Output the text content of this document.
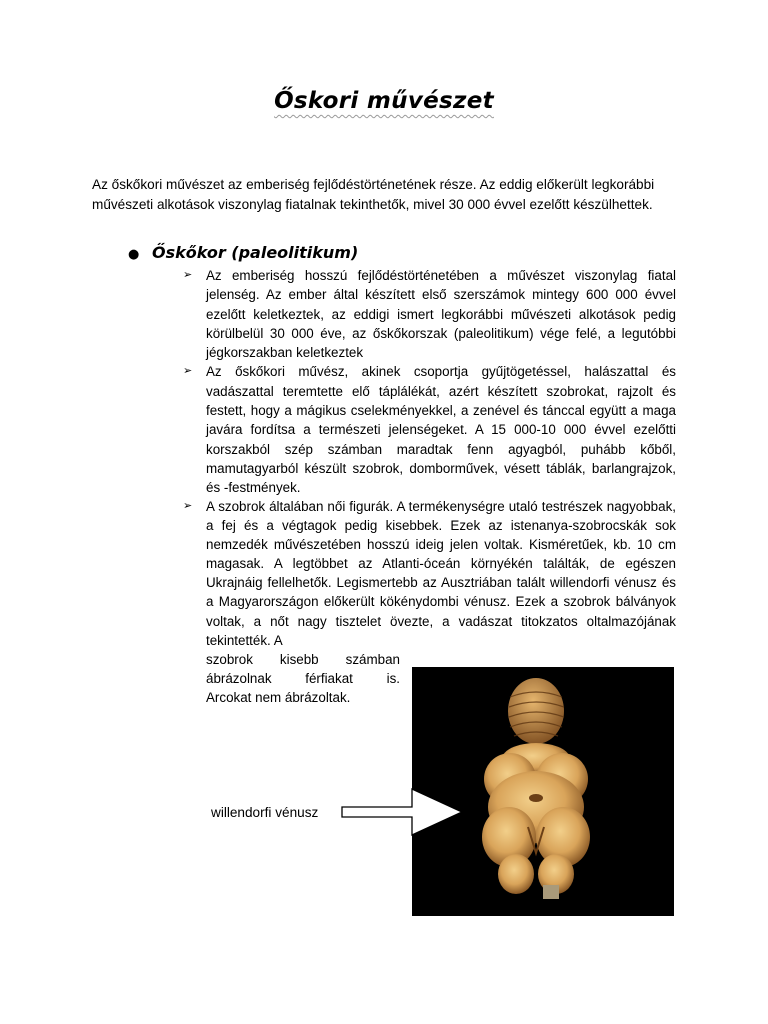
Őskori művészet

Az őskőkori művészet az emberiség fejlődéstörténetének része. Az eddig előkerült legkorábbi művészeti alkotások viszonylag fiatalnak tekinthetők, mivel 30 000 évvel ezelőtt készülhettek.

● Őskőkor (paleolitikum)
➢ Az emberiség hosszú fejlődéstörténetében a művészet viszonylag fiatal jelenség. Az ember által készített első szerszámok mintegy 600 000 évvel ezelőtt keletkeztek, az eddigi ismert legkorábbi művészeti alkotások pedig körülbelül 30 000 éve, az őskőkorszak (paleolitikum) vége felé, a legutóbbi jégkorszakban keletkeztek
➢ Az őskőkori művész, akinek csoportja gyűjtögetéssel, halászattal és vadászattal teremtette elő táplálékát, azért készített szobrokat, rajzolt és festett, hogy a mágikus cselekményekkel, a zenével és tánccal együtt a maga javára fordítsa a természeti jelenségeket. A 15 000-10 000 évvel ezelőtti korszakból szép számban maradtak fenn agyagból, puhább kőből, mamutagyarból készült szobrok, domborművek, vésett táblák, barlangrajzok, és -festmények.
➢ A szobrok általában női figurák. A termékenységre utaló testrészek nagyobbak, a fej és a végtagok pedig kisebbek. Ezek az istenanya-szobrocskák sok nemzedék művészetében hosszú ideig jelen voltak. Kisméretűek, kb. 10 cm magasak. A legtöbbet az Atlanti-óceán környékén találták, de egészen Ukrajnáig fellelhetők. Legismertebb az Ausztriában talált willendorfi vénusz és a Magyarországon előkerült kökénydombi vénusz. Ezek a szobrok bálványok voltak, a nőt nagy tisztelet övezte, a vadászat titokzatos oltalmazójának tekintették. A
szobrok kisebb számban
ábrázolnak férfiakat is.
Arcokat nem ábrázoltak.
willendorfi vénusz
